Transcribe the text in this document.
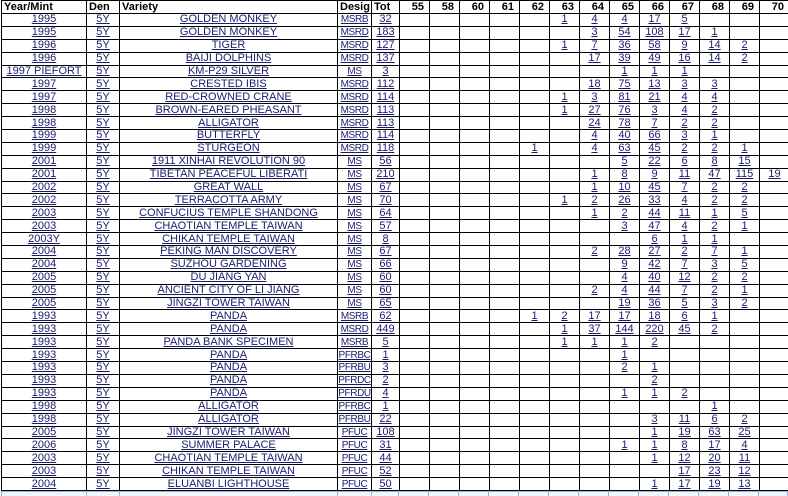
Year/Mint	Den	Variety	Desig	Tot	55	58	60	61	62	63	64	65	66	67	68	69	70
1995	5Y	GOLDEN MONKEY	MSRB	32						1	4	4	17	5			
1995	5Y	GOLDEN MONKEY	MSRD	183							3	54	108	17	1		
1996	5Y	TIGER	MSRD	127						1	7	36	58	9	14	2	
1996	5Y	BAIJI DOLPHINS	MSRD	137							17	39	49	16	14	2	
1997 PIEFORT	5Y	KM-P29 SILVER	MS	3								1	1	1			
1997	5Y	CRESTED IBIS	MSRD	112							18	75	13	3	3		
1997	5Y	RED-CROWNED CRANE	MSRD	114						1	3	81	21	4	4		
1998	5Y	BROWN-EARED PHEASANT	MSRD	113						1	27	76	3	4	2		
1998	5Y	ALLIGATOR	MSRD	113							24	78	7	2	2		
1999	5Y	BUTTERFLY	MSRD	114							4	40	66	3	1		
1999	5Y	STURGEON	MSRD	118					1		4	63	45	2	2	1	
2001	5Y	1911 XINHAI REVOLUTION 90	MS	56								5	22	6	8	15	
2001	5Y	TIBETAN PEACEFUL LIBERATI	MS	210							1	8	9	11	47	115	19
2002	5Y	GREAT WALL	MS	67							1	10	45	7	2	2	
2002	5Y	TERRACOTTA ARMY	MS	70						1	2	26	33	4	2	2	
2003	5Y	CONFUCIUS TEMPLE SHANDONG	MS	64							1	2	44	11	1	5	
2003	5Y	CHAOTIAN TEMPLE TAIWAN	MS	57								3	47	4	2	1	
2003Y	5Y	CHIKAN TEMPLE TAIWAN	MS	8									6	1	1		
2004	5Y	PEKING MAN DISCOVERY	MS	67							2	28	27	2	7	1	
2004	5Y	SUZHOU GARDENING	MS	66								9	42	7	3	5	
2005	5Y	DU JIANG YAN	MS	60								4	40	12	2	2	
2005	5Y	ANCIENT CITY OF LI JIANG	MS	60							2	4	44	7	2	1	
2005	5Y	JINGZI TOWER TAIWAN	MS	65								19	36	5	3	2	
1993	5Y	PANDA	MSRB	62					1	2	17	17	18	6	1		
1993	5Y	PANDA	MSRD	449						1	37	144	220	45	2		
1993	5Y	PANDA BANK SPECIMEN	MSRB	5						1	1	1	2				
1993	5Y	PANDA	PFRBC	1								1					
1993	5Y	PANDA	PFRBU	3								2	1				
1993	5Y	PANDA	PFRDC	2									2				
1993	5Y	PANDA	PFRDU	4								1	1	2			
1998	5Y	ALLIGATOR	PFRBC	1											1		
1998	5Y	ALLIGATOR	PFRBU	22									3	11	6	2	
2005	5Y	JINGZI TOWER TAIWAN	PFUC	108									1	19	63	25	
2006	5Y	SUMMER PALACE	PFUC	31								1	1	8	17	4	
2003	5Y	CHAOTIAN TEMPLE TAIWAN	PFUC	44									1	12	20	11	
2003	5Y	CHIKAN TEMPLE TAIWAN	PFUC	52										17	23	12	
2004	5Y	ELUANBI LIGHTHOUSE	PFUC	50									1	17	19	13	
